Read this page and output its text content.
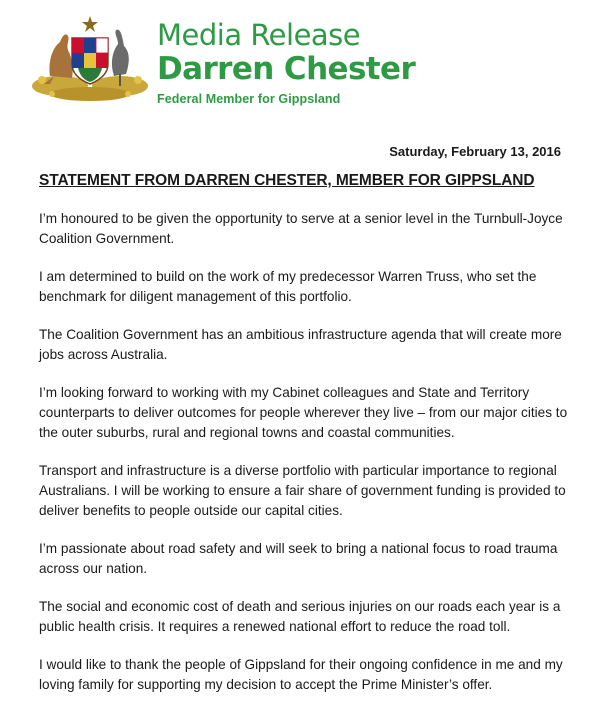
Media Release
Darren Chester
Federal Member for Gippsland
Saturday, February 13, 2016
STATEMENT FROM DARREN CHESTER, MEMBER FOR GIPPSLAND

I’m honoured to be given the opportunity to serve at a senior level in the Turnbull-Joyce Coalition Government.

I am determined to build on the work of my predecessor Warren Truss, who set the benchmark for diligent management of this portfolio.

The Coalition Government has an ambitious infrastructure agenda that will create more jobs across Australia.

I’m looking forward to working with my Cabinet colleagues and State and Territory counterparts to deliver outcomes for people wherever they live – from our major cities to the outer suburbs, rural and regional towns and coastal communities.

Transport and infrastructure is a diverse portfolio with particular importance to regional Australians. I will be working to ensure a fair share of government funding is provided to deliver benefits to people outside our capital cities.

I’m passionate about road safety and will seek to bring a national focus to road trauma across our nation.

The social and economic cost of death and serious injuries on our roads each year is a public health crisis. It requires a renewed national effort to reduce the road toll.

I would like to thank the people of Gippsland for their ongoing confidence in me and my loving family for supporting my decision to accept the Prime Minister’s offer.
